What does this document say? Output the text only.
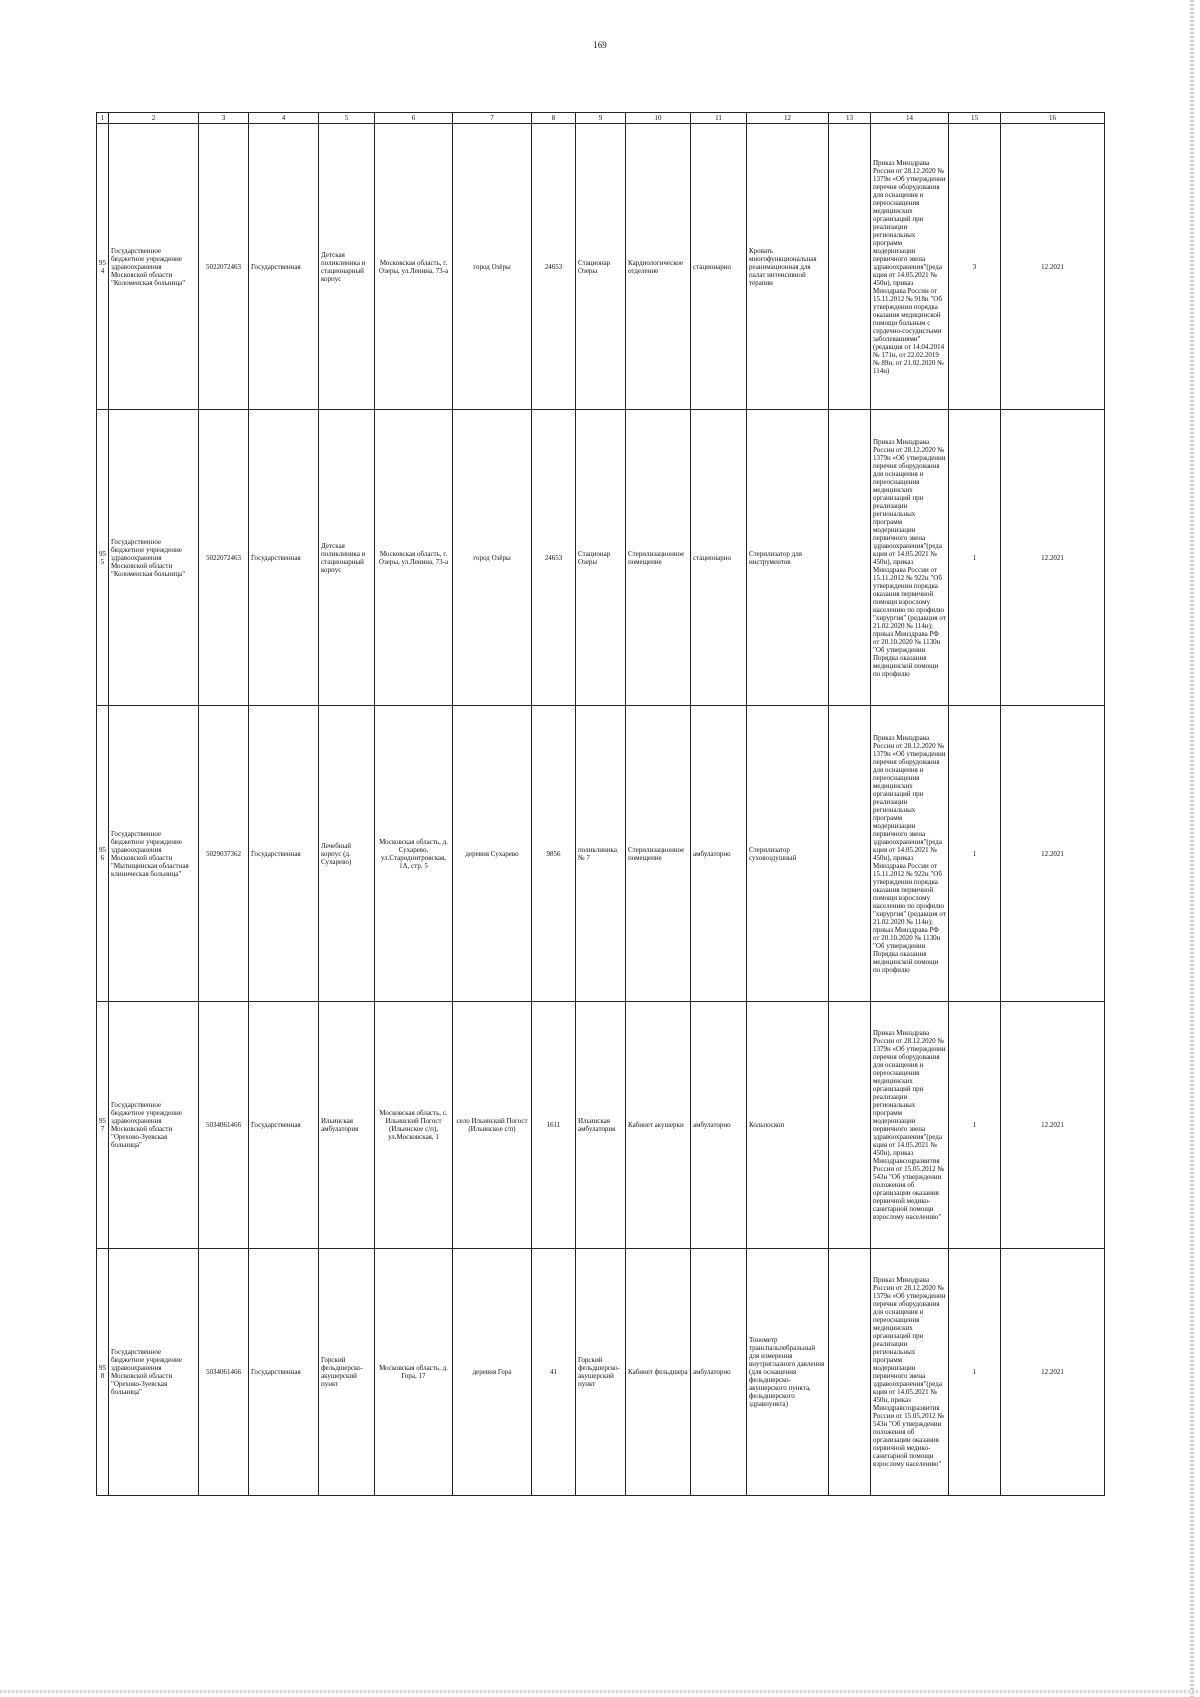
169
1	2	3	4	5	6	7	8	9	10	11	12	13	14	15	16
954	Государственное бюджетное учреждение здравоохранения Московской области "Коломенская больница"	5022072463	Государственная	Детская поликлиника и стационарный корпус	Московская область, г. Озеры, ул.Ленина, 73-а	город Озёры	24653	Стационар Озеры	Кардиологическое отделение	стационарно	Кровать многофункциональная реанимационная для палат интенсивной терапии		Приказ Минздрава России от 28.12.2020 № 1379н «Об утверждении перечня оборудования для оснащения и переоснащения медицинских организаций при реализации региональных программ модернизации первичного звена здравоохранения"(реда кция от 14.05.2021 № 450н), приказ Минздрава России от 15.11.2012 № 918н "Об утверждении порядка оказания медицинской помощи больным с сердечно-сосудистыми заболеваниями" (редакция от 14.04.2014 № 171н, от 22.02.2019 № 89н, от 21.02.2020 № 114н)	3	12.2021
955	Государственное бюджетное учреждение здравоохранения Московской области "Коломенская больница"	5022072463	Государственная	Детская поликлиника и стационарный корпус	Московская область, г. Озеры, ул.Ленина, 73-а	город Озёры	24653	Стационар Озеры	Стерилизационное помещение	стационарно	Стерилизатор для инструментов		Приказ Минздрава России от 28.12.2020 № 1379н «Об утверждении перечня оборудования для оснащения и переоснащения медицинских организаций при реализации региональных программ модернизации первичного звена здравоохранения"(реда кция от 14.05.2021 № 450н), приказ Минздрава России от 15.11.2012 № 922н "Об утверждении порядка оказания первичной помощи взрослому населению по профилю "хирургия" (редакция от 21.02.2020 № 114н); приказ Минздрава РФ от 20.10.2020 № 1130н "Об утверждении Порядка оказания медицинской помощи по профилю	1	12.2021
956	Государственное бюджетное учреждение здравоохранения Московской области "Мытищинская областная клиническая больница"	5029037362	Государственная	Лечебный корпус (д. Сухарево)	Московская область, д. Сухарево, ул.Староднитровская, 1А, стр. 5	деревня Сухарево	9856	поликлиника № 7	Стерилизационное помещение	амбулаторно	Стерилизатор суховоздушный		Приказ Минздрава России от 28.12.2020 № 1379н «Об утверждении перечня оборудования для оснащения и переоснащения медицинских организаций при реализации региональных программ модернизации первичного звена здравоохранения"(реда кция от 14.05.2021 № 450н), приказ Минздрава России от 15.11.2012 № 922н "Об утверждении порядка оказания первичной помощи взрослому населению по профилю "хирургия" (редакция от 21.02.2020 № 114н); приказ Минздрава РФ от 20.10.2020 № 1130н "Об утверждении Порядка оказания медицинской помощи по профилю	1	12.2021
957	Государственное бюджетное учреждение здравоохранения Московской области "Орехово-Зуевская больница"	5034061466	Государственная	Ильинская амбулатория	Московская область, с. Ильинский Погост (Ильинское с/п), ул.Московская, 1	село Ильинский Погост (Ильинское с/п)	1611	Ильинская амбулатория	Кабинет акушерки	амбулаторно	Кольпоскоп		Приказ Минздрава России от 28.12.2020 № 1379н «Об утверждении перечня оборудования для оснащения и переоснащения медицинских организаций при реализации региональных программ модернизации первичного звена здравоохранения"(реда кция от 14.05.2021 № 450н), приказ Минздравсоцразвития России от 15.05.2012 № 543н "Об утверждении положения об организации оказания первичной медико-санитарной помощи взрослому населению"	1	12.2021
958	Государственное бюджетное учреждение здравоохранения Московской области "Орехово-Зуевская больница"	5034061466	Государственная	Горский фельдшерско-акушерский пункт	Московская область, д. Гора, 17	деревня Гора	41	Горский фельдшерско-акушерский пункт	Кабинет фельдшера	амбулаторно	Тонометр транспальпебральный для измерения внутриглазного давления (для оснащения фельдшерско-акушерского пункта, фельдшерского здравпункта)		Приказ Минздрава России от 28.12.2020 № 1379н «Об утверждении перечня оборудования для оснащения и переоснащения медицинских организаций при реализации региональных программ модернизации первичного звена здравоохранения"(реда кция от 14.05.2021 № 450н, приказ Минздравсоцразвития России от 15.05.2012 № 543н "Об утверждении положения об организации оказания первичной медико-санитарной помощи взрослому населению"	1	12.2021
